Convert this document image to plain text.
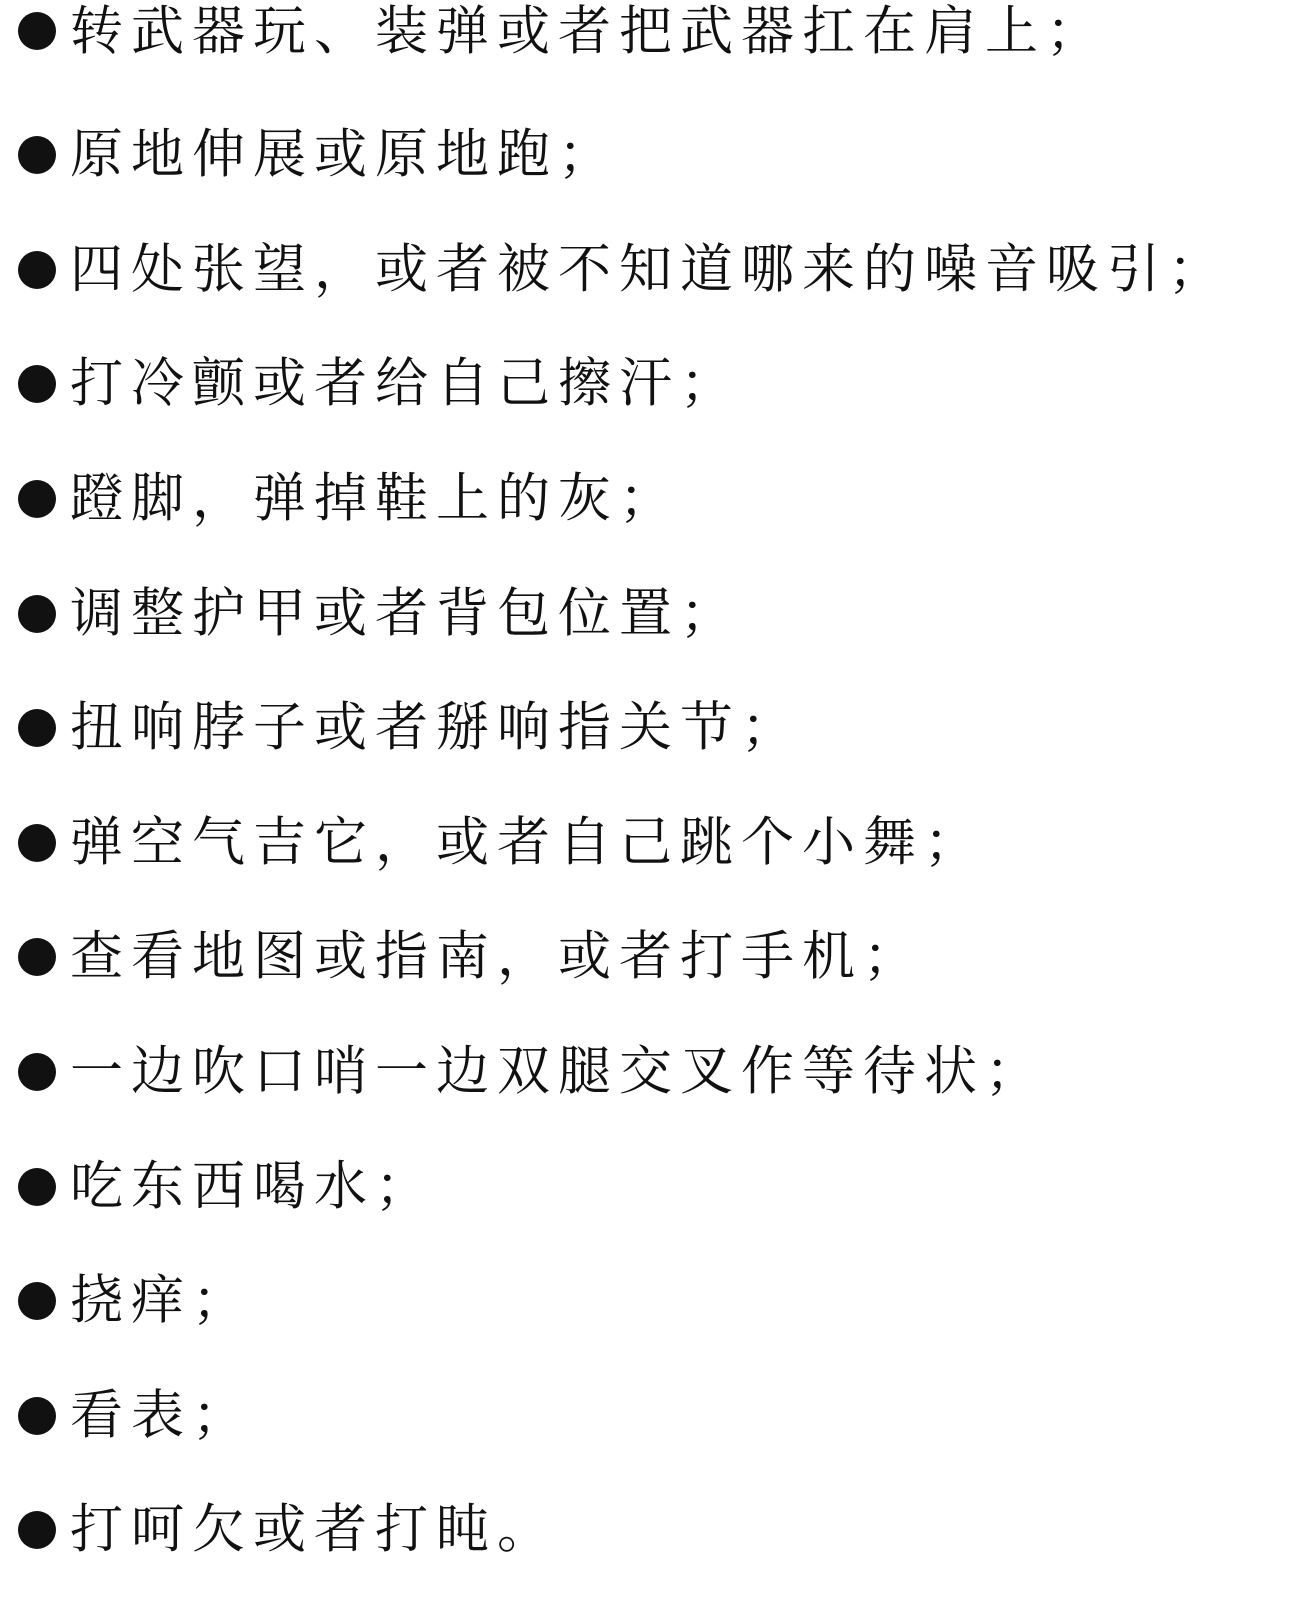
转武器玩、装弹或者把武器扛在肩上；
原地伸展或原地跑；
四处张望，或者被不知道哪来的噪音吸引；
打冷颤或者给自己擦汗；
蹬脚，弹掉鞋上的灰；
调整护甲或者背包位置；
扭响脖子或者掰响指关节；
弹空气吉它，或者自己跳个小舞；
查看地图或指南，或者打手机；
一边吹口哨一边双腿交叉作等待状；
吃东西喝水；
挠痒；
看表；
打呵欠或者打盹。
